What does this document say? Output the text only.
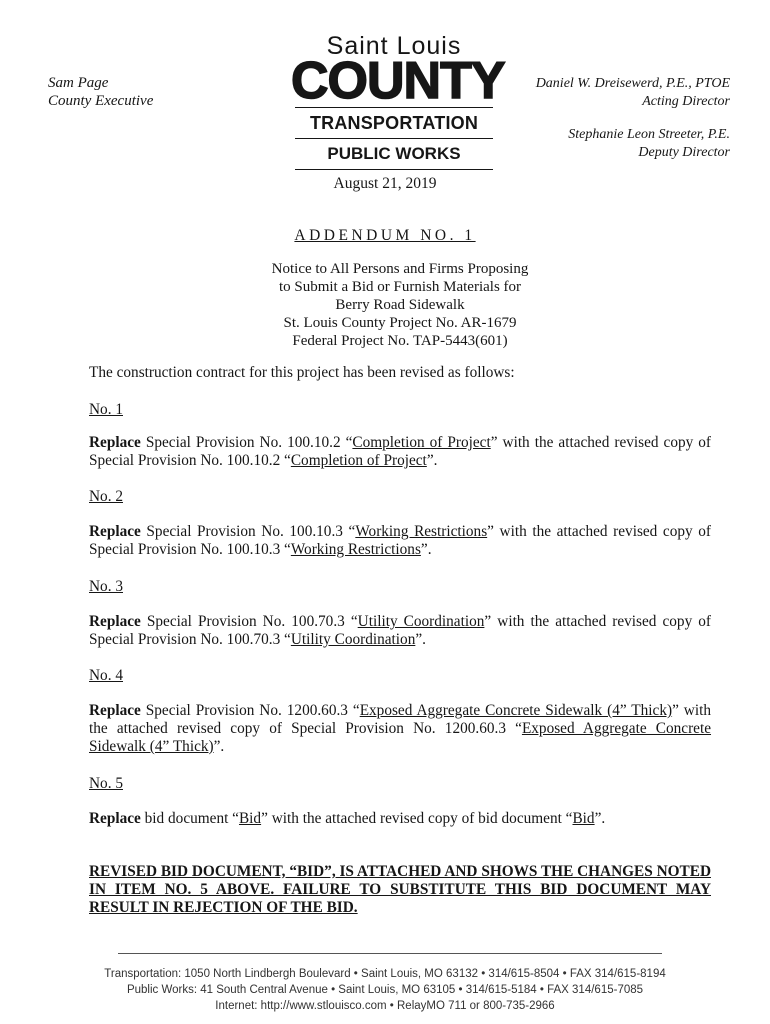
Sam Page
County Executive
Saint Louis
COUNTY
TRANSPORTATION
PUBLIC WORKS
Daniel W. Dreisewerd, P.E., PTOE
Acting Director
Stephanie Leon Streeter, P.E.
Deputy Director
August 21, 2019
ADDENDUM NO. 1
Notice to All Persons and Firms Proposing
to Submit a Bid or Furnish Materials for
Berry Road Sidewalk
St. Louis County Project No. AR-1679
Federal Project No. TAP-5443(601)
The construction contract for this project has been revised as follows:
No. 1
Replace Special Provision No. 100.10.2 “Completion of Project” with the attached revised copy of Special Provision No. 100.10.2 “Completion of Project”.
No. 2
Replace Special Provision No. 100.10.3 “Working Restrictions” with the attached revised copy of Special Provision No. 100.10.3 “Working Restrictions”.
No. 3
Replace Special Provision No. 100.70.3 “Utility Coordination” with the attached revised copy of Special Provision No. 100.70.3 “Utility Coordination”.
No. 4
Replace Special Provision No. 1200.60.3 “Exposed Aggregate Concrete Sidewalk (4” Thick)” with the attached revised copy of Special Provision No. 1200.60.3 “Exposed Aggregate Concrete Sidewalk (4” Thick)”.
No. 5
Replace bid document “Bid” with the attached revised copy of bid document “Bid”.
REVISED BID DOCUMENT, “BID”, IS ATTACHED AND SHOWS THE CHANGES NOTED IN ITEM NO. 5 ABOVE. FAILURE TO SUBSTITUTE THIS BID DOCUMENT MAY RESULT IN REJECTION OF THE BID.
Transportation: 1050 North Lindbergh Boulevard • Saint Louis, MO 63132 • 314/615-8504 • FAX 314/615-8194
Public Works: 41 South Central Avenue • Saint Louis, MO 63105 • 314/615-5184 • FAX 314/615-7085
Internet: http://www.stlouisco.com • RelayMO 711 or 800-735-2966
